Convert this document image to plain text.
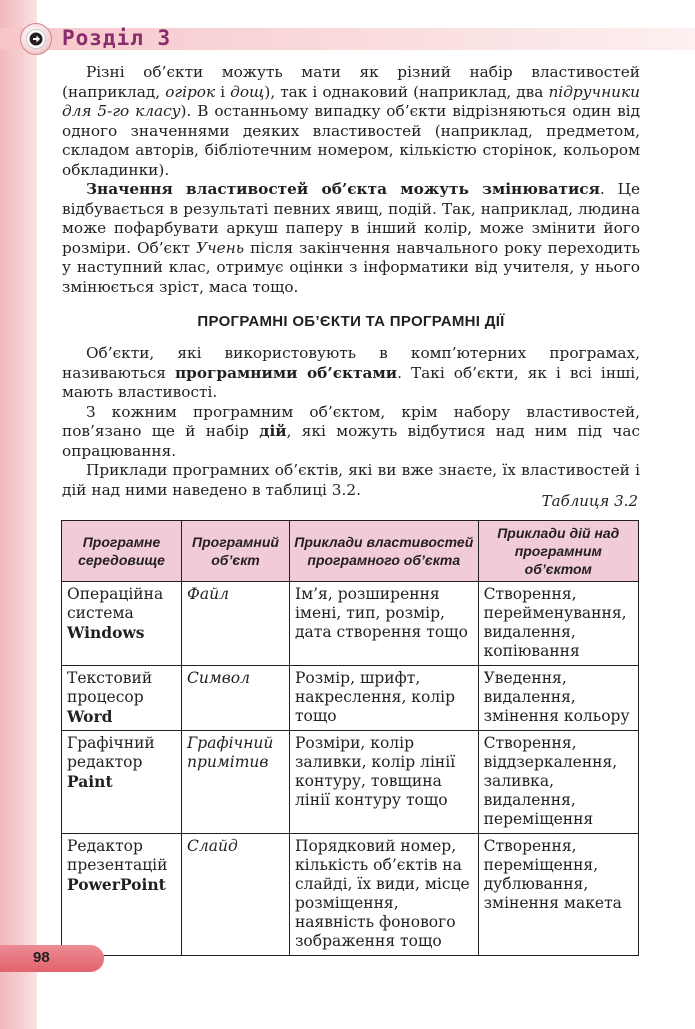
Розділ 3

Різні об’єкти можуть мати як різний набір властивостей (наприклад, огірок і дощ), так і однаковий (наприклад, два підручники для 5-го класу). В останньому випадку об’єкти відрізняються один від одного значеннями деяких властивостей (наприклад, предметом, складом авторів, бібліотечним номером, кількістю сторінок, кольором обкладинки).

Значення властивостей об’єкта можуть змінюватися. Це відбувається в результаті певних явищ, подій. Так, наприклад, людина може пофарбувати аркуш паперу в інший колір, може змінити його розміри. Об’єкт Учень після закінчення навчального року переходить у наступний клас, отримує оцінки з інформатики від учителя, у нього змінюється зріст, маса тощо.

ПРОГРАМНІ ОБ’ЄКТИ ТА ПРОГРАМНІ ДІЇ

Об’єкти, які використовують в комп’ютерних програмах, називаються програмними об’єктами. Такі об’єкти, як і всі інші, мають властивості.

З кожним програмним об’єктом, крім набору властивостей, пов’язано ще й набір дій, які можуть відбутися над ним під час опрацювання.

Приклади програмних об’єктів, які ви вже знаєте, їх властивостей і дій над ними наведено в таблиці 3.2.

Таблиця 3.2
Програмне середовище	Програмний об’єкт	Приклади властивостей програмного об’єкта	Приклади дій над програмним об’єктом

Операційна система
Windows	Файл	Ім’я, розширення імені, тип, розмір, дата створення тощо	Створення, перейменування, видалення, копіювання

Текстовий процесор
Word	Символ	Розмір, шрифт, накреслення, колір тощо	Уведення, видалення, змінення кольору

Графічний редактор
Paint	Графічний примітив	Розміри, колір заливки, колір лінії контуру, товщина лінії контуру тощо	Створення, віддзеркалення, заливка, видалення, переміщення

Редактор презентацій
PowerPoint	Слайд	Порядковий номер, кількість об’єктів на слайді, їх види, місце розміщення, наявність фонового зображення тощо	Створення, переміщення, дублювання, змінення макета
98
